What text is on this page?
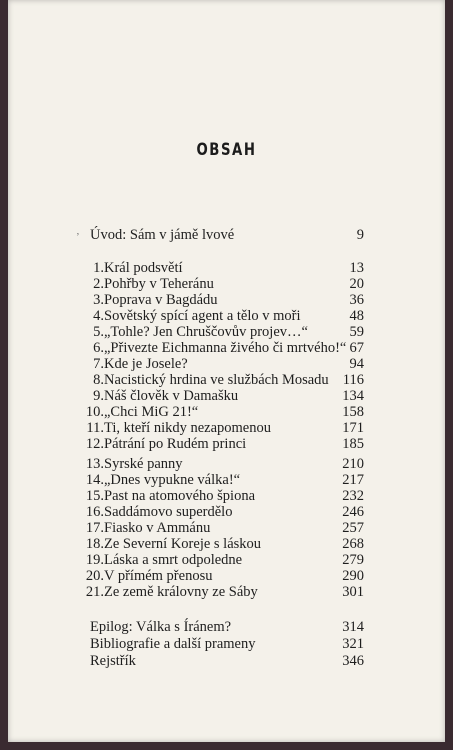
OBSAH
’ Úvod: Sám v jámě lvové	9
1. Král podsvětí	13
2. Pohřby v Teheránu	20
3. Poprava v Bagdádu	36
4. Sovětský spící agent a tělo v moři	48
5. „Tohle? Jen Chruščovův projev…“	59
6. „Přivezte Eichmanna živého či mrtvého!“ 67
7. Kde je Josele?	94
8. Nacistický hrdina ve službách Mosadu 116
9. Náš člověk v Damašku	134
10. „Chci MiG 21!“	158
11. Ti, kteří nikdy nezapomenou	171
12. Pátrání po Rudém princi	185
13. Syrské panny	210
14. „Dnes vypukne válka!“	217
15. Past na atomového špiona	232
16. Saddámovo superdělo	246
17. Fiasko v Ammánu	257
18. Ze Severní Koreje s láskou	268
19. Láska a smrt odpoledne	279
20. V přímém přenosu	290
21. Ze země královny ze Sáby	301
Epilog: Válka s Íránem?	314
Bibliografie a další prameny	321
Rejstřík	346
